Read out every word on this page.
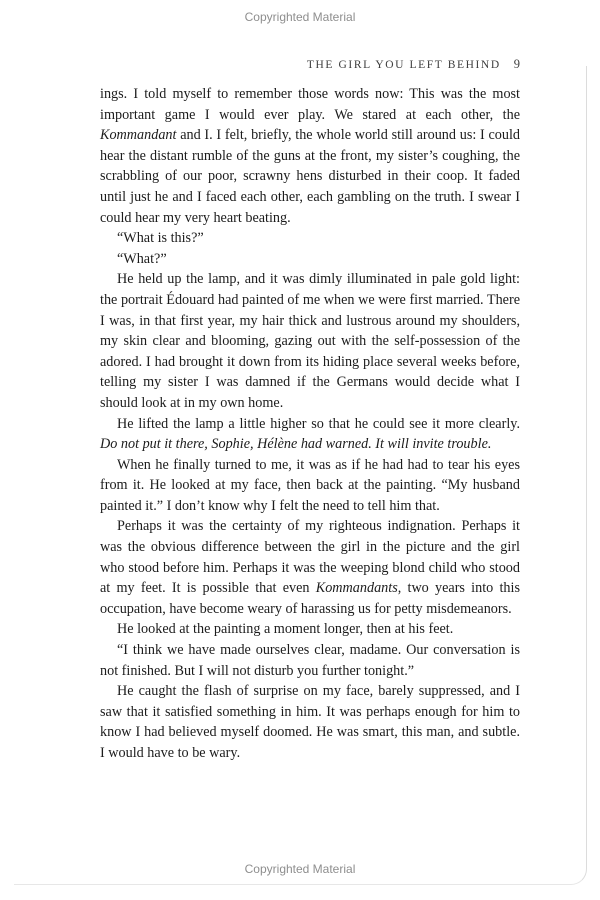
Copyrighted Material
THE GIRL YOU LEFT BEHIND 9

ings. I told myself to remember those words now: This was the most important game I would ever play. We stared at each other, the Kommandant and I. I felt, briefly, the whole world still around us: I could hear the distant rumble of the guns at the front, my sister’s coughing, the scrabbling of our poor, scrawny hens disturbed in their coop. It faded until just he and I faced each other, each gambling on the truth. I swear I could hear my very heart beating.

“What is this?”

“What?”

He held up the lamp, and it was dimly illuminated in pale gold light: the portrait Édouard had painted of me when we were first married. There I was, in that first year, my hair thick and lustrous around my shoulders, my skin clear and blooming, gazing out with the self-possession of the adored. I had brought it down from its hiding place several weeks before, telling my sister I was damned if the Germans would decide what I should look at in my own home.

He lifted the lamp a little higher so that he could see it more clearly. Do not put it there, Sophie, Hélène had warned. It will invite trouble.

When he finally turned to me, it was as if he had had to tear his eyes from it. He looked at my face, then back at the painting. “My husband painted it.” I don’t know why I felt the need to tell him that.

Perhaps it was the certainty of my righteous indignation. Perhaps it was the obvious difference between the girl in the picture and the girl who stood before him. Perhaps it was the weeping blond child who stood at my feet. It is possible that even Kommandants, two years into this occupation, have become weary of harassing us for petty misdemeanors.

He looked at the painting a moment longer, then at his feet.

“I think we have made ourselves clear, madame. Our conversation is not finished. But I will not disturb you further tonight.”

He caught the flash of surprise on my face, barely suppressed, and I saw that it satisfied something in him. It was perhaps enough for him to know I had believed myself doomed. He was smart, this man, and subtle. I would have to be wary.

Copyrighted Material
